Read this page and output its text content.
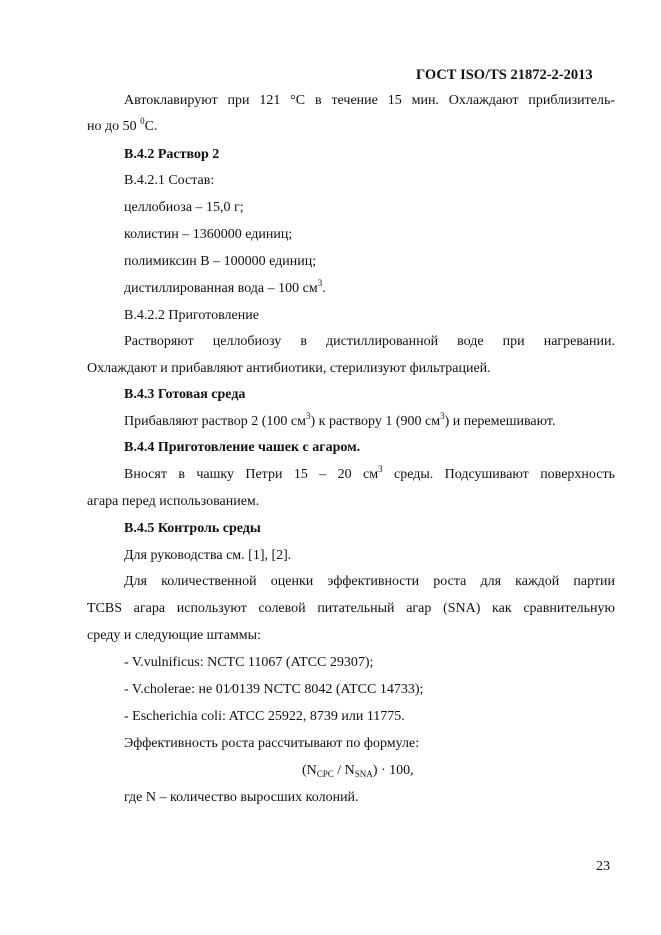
ГОСТ ISO/TS 21872-2-2013
Автоклавируют при 121 °С в течение 15 мин. Охлаждают приблизитель-
но до 50 $^0$С.
B.4.2 Раствор 2
B.4.2.1 Состав:
целлобиоза – 15,0 г;
колистин – 1360000 единиц;
полимиксин В – 100000 единиц;
дистиллированная вода – 100 $см^3$.
B.4.2.2 Приготовление
Растворяют целлобиозу в дистиллированной воде при нагревании.
Охлаждают и прибавляют антибиотики, стерилизуют фильтрацией.
B.4.3 Готовая среда
Прибавляют раствор 2 (100 $см^3$) к раствору 1 (900 $см^3$) и перемешивают.
B.4.4 Приготовление чашек с агаром.
Вносят в чашку Петри 15 – 20 $см^3$ среды. Подсушивают поверхность
агара перед использованием.
B.4.5 Контроль среды
Для руководства см. [1], [2].
Для количественной оценки эффективности роста для каждой партии
TCBS агара используют солевой питательный агар (SNA) как сравнительную
среду и следующие штаммы:
- V.vulnificus: NCTC 11067 (ATCC 29307);
- V.cholerae: не 01⁄0139 NCTC 8042 (ATCC 14733);
- Escherichia coli: ATCC 25922, 8739 или 11775.
Эффективность роста рассчитывают по формуле:
$(N_{CPC} / N_{SNA}) \cdot 100$,
где N – количество выросших колоний.
23
